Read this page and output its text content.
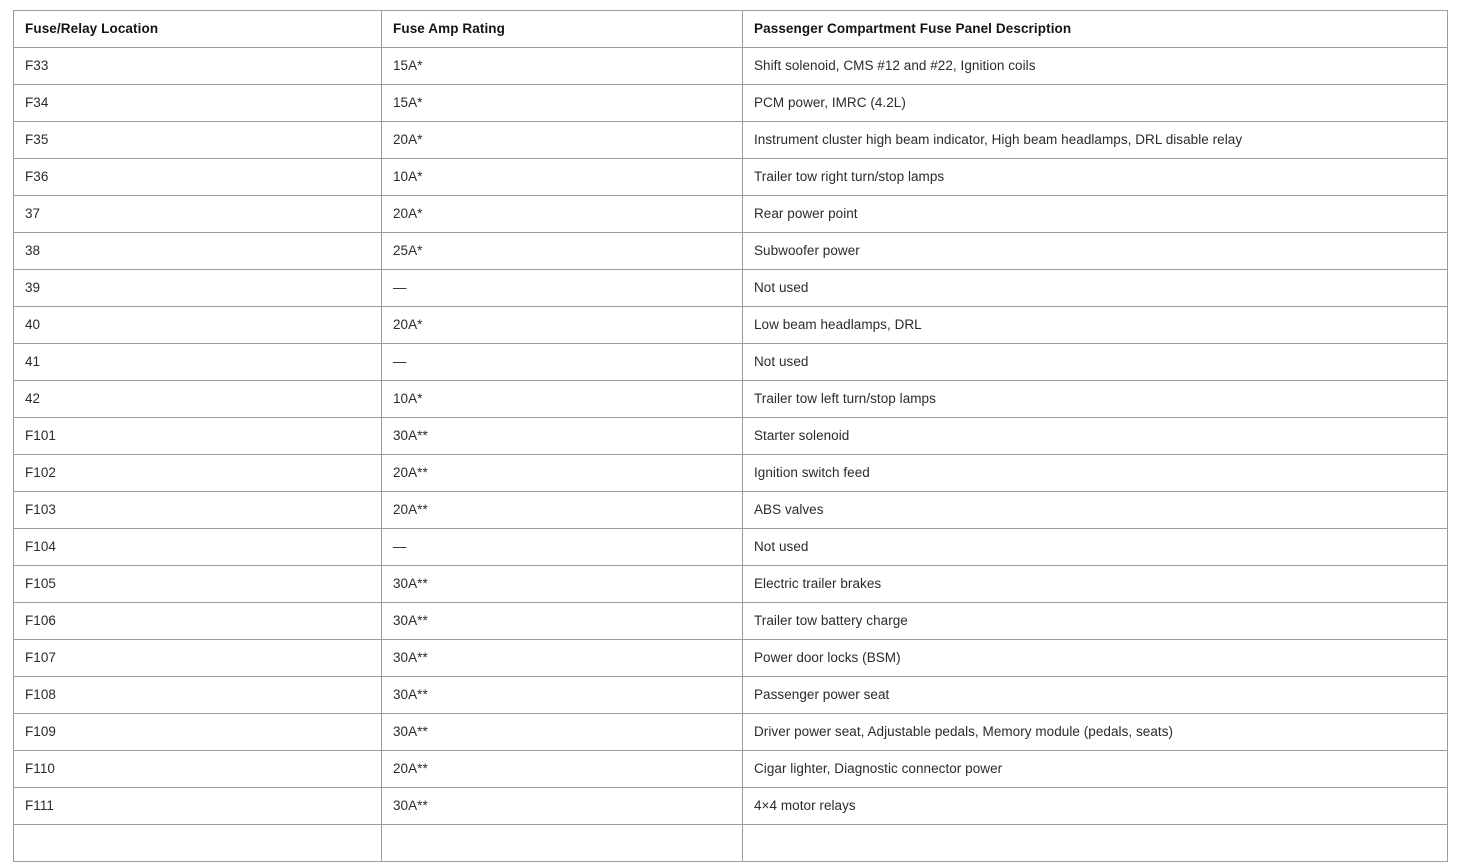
Fuse/Relay Location	Fuse Amp Rating	Passenger Compartment Fuse Panel Description
F33	15A*	Shift solenoid, CMS #12 and #22, Ignition coils
F34	15A*	PCM power, IMRC (4.2L)
F35	20A*	Instrument cluster high beam indicator, High beam headlamps, DRL disable relay
F36	10A*	Trailer tow right turn/stop lamps
37	20A*	Rear power point
38	25A*	Subwoofer power
39	—	Not used
40	20A*	Low beam headlamps, DRL
41	—	Not used
42	10A*	Trailer tow left turn/stop lamps
F101	30A**	Starter solenoid
F102	20A**	Ignition switch feed
F103	20A**	ABS valves
F104	—	Not used
F105	30A**	Electric trailer brakes
F106	30A**	Trailer tow battery charge
F107	30A**	Power door locks (BSM)
F108	30A**	Passenger power seat
F109	30A**	Driver power seat, Adjustable pedals, Memory module (pedals, seats)
F110	20A**	Cigar lighter, Diagnostic connector power
F111	30A**	4×4 motor relays
